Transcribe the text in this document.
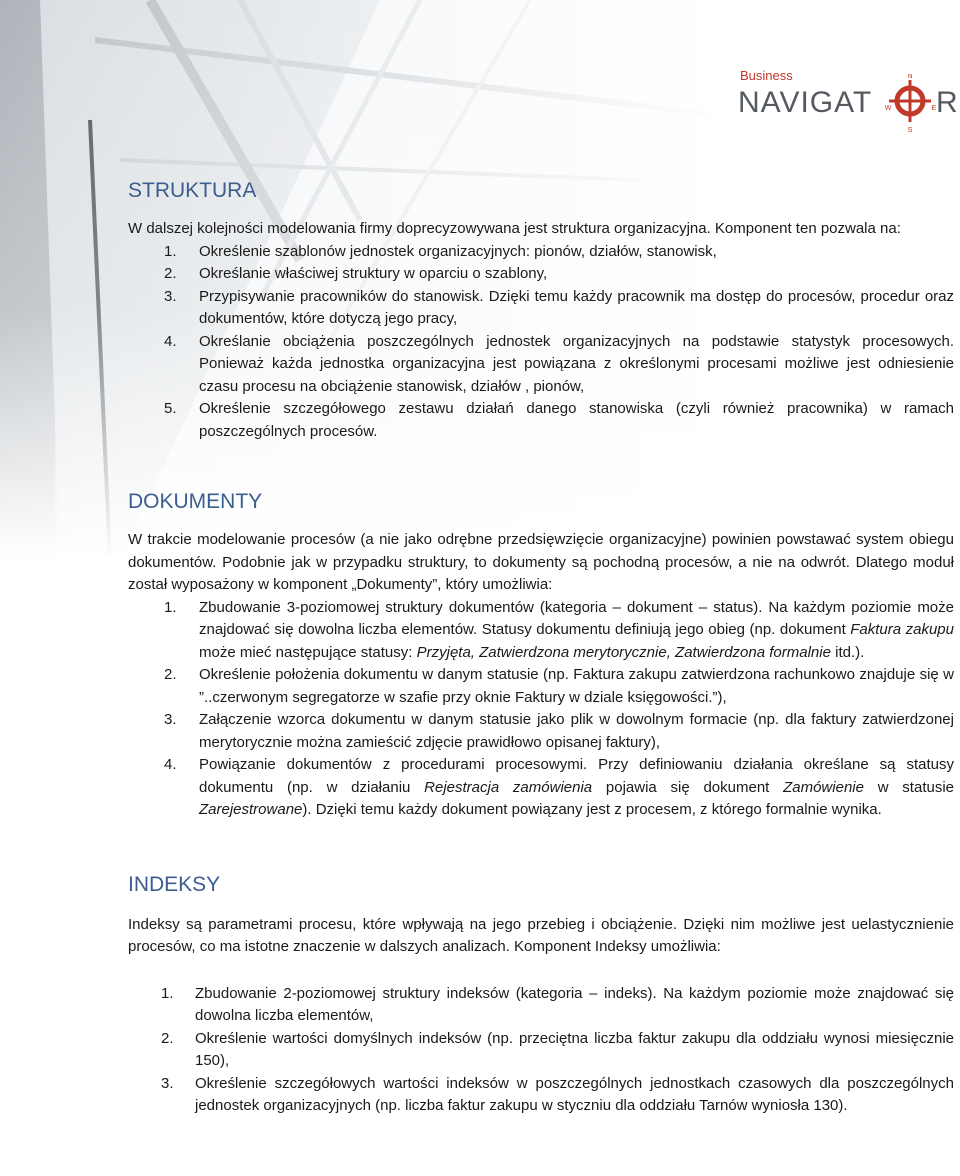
Business
NAVIGAT
N
S
W	E R
STRUKTURA

W dalszej kolejności modelowania firmy doprecyzowywana jest struktura organizacyjna. Komponent ten pozwala na:

1. Określenie szablonów jednostek organizacyjnych: pionów, działów, stanowisk,
2. Określanie właściwej struktury w oparciu o szablony,
3. Przypisywanie pracowników do stanowisk. Dzięki temu każdy pracownik ma dostęp do procesów, procedur oraz dokumentów, które dotyczą jego pracy,
4. Określanie obciążenia poszczególnych jednostek organizacyjnych na podstawie statystyk procesowych. Ponieważ każda jednostka organizacyjna jest powiązana z określonymi procesami możliwe jest odniesienie czasu procesu na obciążenie stanowisk, działów , pionów,
5. Określenie szczegółowego zestawu działań danego stanowiska (czyli również pracownika) w ramach poszczególnych procesów.
DOKUMENTY

W trakcie modelowanie procesów (a nie jako odrębne przedsięwzięcie organizacyjne) powinien powstawać system obiegu dokumentów. Podobnie jak w przypadku struktury, to dokumenty są pochodną procesów, a nie na odwrót. Dlatego moduł został wyposażony w komponent „Dokumenty”, który umożliwia:

1. Zbudowanie 3-poziomowej struktury dokumentów (kategoria – dokument – status). Na każdym poziomie może znajdować się dowolna liczba elementów. Statusy dokumentu definiują jego obieg (np. dokument Faktura zakupu może mieć następujące statusy: Przyjęta, Zatwierdzona merytorycznie, Zatwierdzona formalnie itd.).
2. Określenie położenia dokumentu w danym statusie (np. Faktura zakupu zatwierdzona rachunkowo znajduje się w ”..czerwonym segregatorze w szafie przy oknie Faktury w dziale księgowości.”),
3. Załączenie wzorca dokumentu w danym statusie jako plik w dowolnym formacie (np. dla faktury zatwierdzonej merytorycznie można zamieścić zdjęcie prawidłowo opisanej faktury),
4. Powiązanie dokumentów z procedurami procesowymi. Przy definiowaniu działania określane są statusy dokumentu (np. w działaniu Rejestracja zamówienia pojawia się dokument Zamówienie w statusie Zarejestrowane). Dzięki temu każdy dokument powiązany jest z procesem, z którego formalnie wynika.
INDEKSY

Indeksy są parametrami procesu, które wpływają na jego przebieg i obciążenie. Dzięki nim możliwe jest uelastycznienie procesów, co ma istotne znaczenie w dalszych analizach. Komponent Indeksy umożliwia:

1. Zbudowanie 2-poziomowej struktury indeksów (kategoria – indeks). Na każdym poziomie może znajdować się dowolna liczba elementów,
2. Określenie wartości domyślnych indeksów (np. przeciętna liczba faktur zakupu dla oddziału wynosi miesięcznie 150),
3. Określenie szczegółowych wartości indeksów w poszczególnych jednostkach czasowych dla poszczególnych jednostek organizacyjnych (np. liczba faktur zakupu w styczniu dla oddziału Tarnów wyniosła 130).
